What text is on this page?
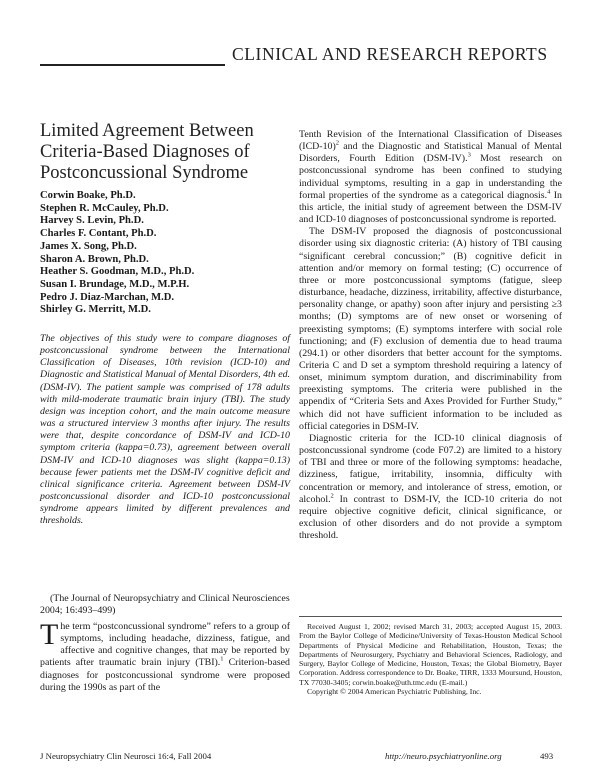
CLINICAL AND RESEARCH REPORTS
Limited Agreement Between Criteria-Based Diagnoses of Postconcussional Syndrome
Corwin Boake, Ph.D.
Stephen R. McCauley, Ph.D.
Harvey S. Levin, Ph.D.
Charles F. Contant, Ph.D.
James X. Song, Ph.D.
Sharon A. Brown, Ph.D.
Heather S. Goodman, M.D., Ph.D.
Susan I. Brundage, M.D., M.P.H.
Pedro J. Diaz-Marchan, M.D.
Shirley G. Merritt, M.D.
The objectives of this study were to compare diagnoses of postconcussional syndrome between the International Classification of Diseases, 10th revision (ICD-10) and Diagnostic and Statistical Manual of Mental Disorders, 4th ed. (DSM-IV). The patient sample was comprised of 178 adults with mild-moderate traumatic brain injury (TBI). The study design was inception cohort, and the main outcome measure was a structured interview 3 months after injury. The results were that, despite concordance of DSM-IV and ICD-10 symptom criteria (kappa=0.73), agreement between overall DSM-IV and ICD-10 diagnoses was slight (kappa=0.13) because fewer patients met the DSM-IV cognitive deficit and clinical significance criteria. Agreement between DSM-IV postconcussional disorder and ICD-10 postconcussional syndrome appears limited by different prevalences and thresholds.

(The Journal of Neuropsychiatry and Clinical Neurosciences 2004; 16:493–499)

The term “postconcussional syndrome” refers to a group of symptoms, including headache, dizziness, fatigue, and affective and cognitive changes, that may be reported by patients after traumatic brain injury (TBI).$^1$ Criterion-based diagnoses for postconcussional syndrome were proposed during the 1990s as part of the

Tenth Revision of the International Classification of Diseases $(ICD-10)^2$ and the Diagnostic and Statistical Manual of Mental Disorders, Fourth Edition (DSM-IV).$^3$ Most research on postconcussional syndrome has been confined to studying individual symptoms, resulting in a gap in understanding the formal properties of the syndrome as a categorical diagnosis.$^4$ In this article, the initial study of agreement between the DSM-IV and ICD-10 diagnoses of postconcussional syndrome is reported.

The DSM-IV proposed the diagnosis of postconcussional disorder using six diagnostic criteria: (A) history of TBI causing “significant cerebral concussion;” (B) cognitive deficit in attention and/or memory on formal testing; (C) occurrence of three or more postconcussional symptoms (fatigue, sleep disturbance, headache, dizziness, irritability, affective disturbance, personality change, or apathy) soon after injury and persisting ≥3 months; (D) symptoms are of new onset or worsening of preexisting symptoms; (E) symptoms interfere with social role functioning; and (F) exclusion of dementia due to head trauma (294.1) or other disorders that better account for the symptoms. Criteria C and D set a symptom threshold requiring a latency of onset, minimum symptom duration, and discriminability from preexisting symptoms. The criteria were published in the appendix of “Criteria Sets and Axes Provided for Further Study,” which did not have sufficient information to be included as official categories in DSM-IV.

Diagnostic criteria for the ICD-10 clinical diagnosis of postconcussional syndrome (code F07.2) are limited to a history of TBI and three or more of the following symptoms: headache, dizziness, fatigue, irritability, insomnia, difficulty with concentration or memory, and intolerance of stress, emotion, or alcohol.$^2$ In contrast to DSM-IV, the ICD-10 criteria do not require objective cognitive deficit, clinical significance, or exclusion of other disorders and do not provide a symptom threshold.

Received August 1, 2002; revised March 31, 2003; accepted August 15, 2003. From the Baylor College of Medicine/University of Texas-Houston Medical School Departments of Physical Medicine and Rehabilitation, Houston, Texas; the Departments of Neurosurgery, Psychiatry and Behavioral Sciences, Radiology, and Surgery, Baylor College of Medicine, Houston, Texas; the Global Biometry, Bayer Corporation. Address correspondence to Dr. Boake, TIRR, 1333 Moursund, Houston, TX 77030-3405; corwin.boake@uth.tmc.edu (E-mail.)

Copyright © 2004 American Psychiatric Publishing, Inc.

J Neuropsychiatry Clin Neurosci 16:4, Fall 2004	http://neuro.psychiatryonline.org	493
